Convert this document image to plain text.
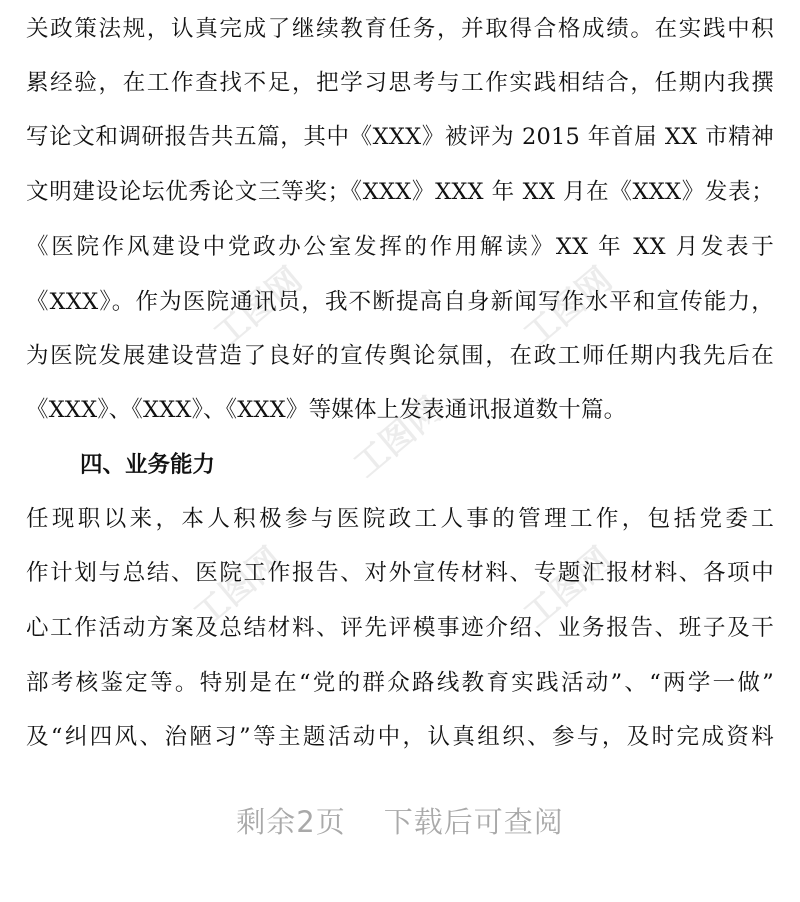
工图网	工图网
工图网
工图网	工图网
关政策法规，认真完成了继续教育任务，并取得合格成绩。在实践中积
累经验，在工作查找不足，把学习思考与工作实践相结合，任期内我撰
写论文和调研报告共五篇，其中《XXX》被评为 2015 年首届 XX 市精神
文明建设论坛优秀论文三等奖；《XXX》XXX 年 XX 月在《XXX》发表；
《医院作风建设中党政办公室发挥的作用解读》XX 年 XX 月发表于
《XXX》。作为医院通讯员，我不断提高自身新闻写作水平和宣传能力，
为医院发展建设营造了良好的宣传舆论氛围，在政工师任期内我先后在
《XXX》、《XXX》、《XXX》等媒体上发表通讯报道数十篇。
四、业务能力
任现职以来，本人积极参与医院政工人事的管理工作，包括党委工
作计划与总结、医院工作报告、对外宣传材料、专题汇报材料、各项中
心工作活动方案及总结材料、评先评模事迹介绍、业务报告、班子及干
部考核鉴定等。特别是在“党的群众路线教育实践活动”、“两学一做”
及“纠四风、治陋习”等主题活动中，认真组织、参与，及时完成资料
剩余2页 下载后可查阅
